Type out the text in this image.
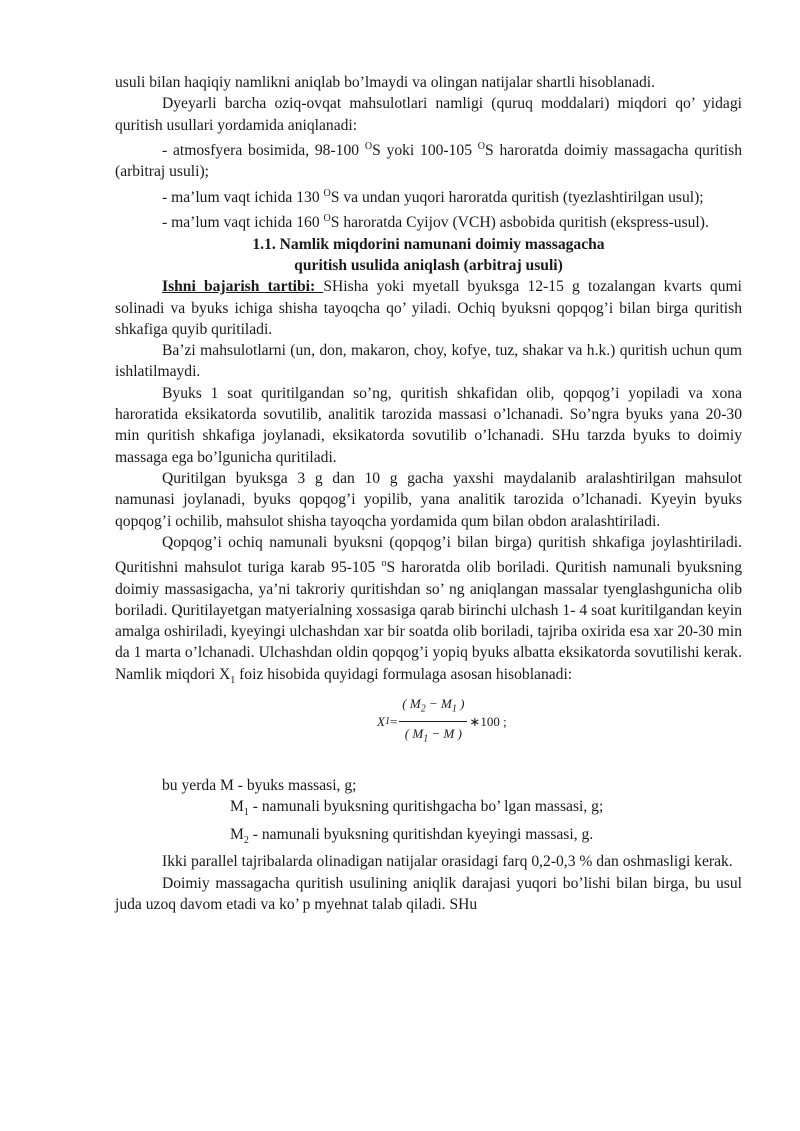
usuli bilan haqiqiy namlikni aniqlab bo’lmaydi va olingan natijalar shartli hisoblanadi.

Dyeyarli barcha oziq-ovqat mahsulotlari namligi (quruq moddalari) miqdori qo’ yidagi quritish usullari yordamida aniqlanadi:

- atmosfyera bosimida, 98-100 $^O$S yoki 100-105 $^O$S haroratda doimiy massagacha quritish (arbitraj usuli);

- ma’lum vaqt ichida 130 $^O$S va undan yuqori haroratda quritish (tyezlashtirilgan usul);

- ma’lum vaqt ichida 160 $^O$S haroratda Cyijov (VCH) asbobida quritish (ekspress-usul).

1.1. Namlik miqdorini namunani doimiy massagacha

quritish usulida aniqlash (arbitraj usuli)

Ishni bajarish tartibi: SHisha yoki myetall byuksga 12-15 g tozalangan kvarts qumi solinadi va byuks ichiga shisha tayoqcha qo’ yiladi. Ochiq byuksni qopqog’i bilan birga quritish shkafiga quyib quritiladi.

Ba’zi mahsulotlarni (un, don, makaron, choy, kofye, tuz, shakar va h.k.) quritish uchun qum ishlatilmaydi.

Byuks 1 soat quritilgandan so’ng, quritish shkafidan olib, qopqog’i yopiladi va xona haroratida eksikatorda sovutilib, analitik tarozida massasi o’lchanadi. So’ngra byuks yana 20-30 min quritish shkafiga joylanadi, eksikatorda sovutilib o’lchanadi. SHu tarzda byuks to doimiy massaga ega bo’lgunicha quritiladi.

Quritilgan byuksga 3 g dan 10 g gacha yaxshi maydalanib aralashtirilgan mahsulot namunasi joylanadi, byuks qopqog’i yopilib, yana analitik tarozida o’lchanadi. Kyeyin byuks qopqog’i ochilib, mahsulot shisha tayoqcha yordamida qum bilan obdon aralashtiriladi.

Qopqog’i ochiq namunali byuksni (qopqog’i bilan birga) quritish shkafiga joylashtiriladi. Quritishni mahsulot turiga karab 95-105 $^o$S haroratda olib boriladi. Quritish namunali byuksning doimiy massasigacha, ya’ni takroriy quritishdan so’ ng aniqlangan massalar tyenglashgunicha olib boriladi. Quritilayetgan matyerialning xossasiga qarab birinchi ulchash 1- 4 soat kuritilgandan keyin amalga oshiriladi, kyeyingi ulchashdan xar bir soatda olib boriladi, tajriba oxirida esa xar 20-30 min da 1 marta o’lchanadi. Ulchashdan oldin qopqog’i yopiq byuks albatta eksikatorda sovutilishi kerak. Namlik miqdori $X_1$ foiz hisobida quyidagi formulaga asosan hisoblanadi:

X $1 = \frac{( M_2 - M_1 )}{( M_1 - M )}$ ∗100 ;

bu yerda M - byuks massasi, g;

$M_1$ - namunali byuksning quritishgacha bo’ lgan massasi, g;

$M_2$ - namunali byuksning quritishdan kyeyingi massasi, g.

Ikki parallel tajribalarda olinadigan natijalar orasidagi farq 0,2-0,3 % dan oshmasligi kerak.

Doimiy massagacha quritish usulining aniqlik darajasi yuqori bo’lishi bilan birga, bu usul juda uzoq davom etadi va ko’ p myehnat talab qiladi. SHu
